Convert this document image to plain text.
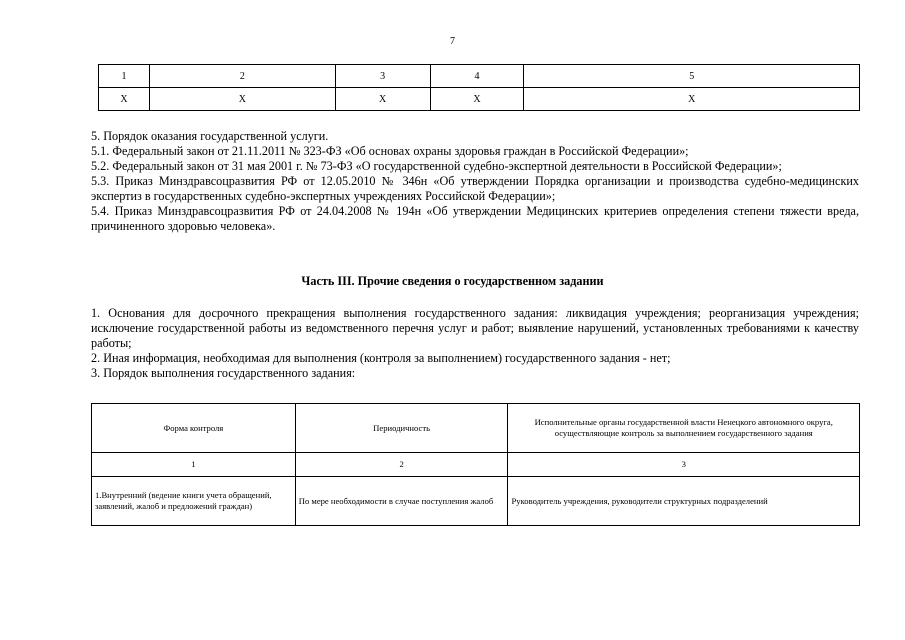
7
1	2	3	4	5
X	X	X	X	X

5. Порядок оказания государственной услуги.

5.1. Федеральный закон от 21.11.2011 № 323-ФЗ «Об основах охраны здоровья граждан в Российской Федерации»;

5.2. Федеральный закон от 31 мая 2001 г. № 73-ФЗ «О государственной судебно-экспертной деятельности в Российской Федерации»;

5.3. Приказ Минздравсоцразвития РФ от 12.05.2010 № 346н «Об утверждении Порядка организации и производства судебно-медицинских экспертиз в государственных судебно-экспертных учреждениях Российской Федерации»;

5.4. Приказ Минздравсоцразвития РФ от 24.04.2008 № 194н «Об утверждении Медицинских критериев определения степени тяжести вреда, причиненного здоровью человека».

Часть III. Прочие сведения о государственном задании

1. Основания для досрочного прекращения выполнения государственного задания: ликвидация учреждения; реорганизация учреждения; исключение государственной работы из ведомственного перечня услуг и работ; выявление нарушений, установленных требованиями к качеству работы;

2. Иная информация, необходимая для выполнения (контроля за выполнением) государственного задания - нет;

3. Порядок выполнения государственного задания:

Форма контроля	Периодичность	Исполнительные органы государственной власти Ненецкого автономного округа, осуществляющие контроль за выполнением государственного задания
1	2	3
1.Внутренний (ведение книги учета обращений, заявлений, жалоб и предложений граждан)	По мере необходимости в случае поступления жалоб	Руководитель учреждения, руководители структурных подразделений
